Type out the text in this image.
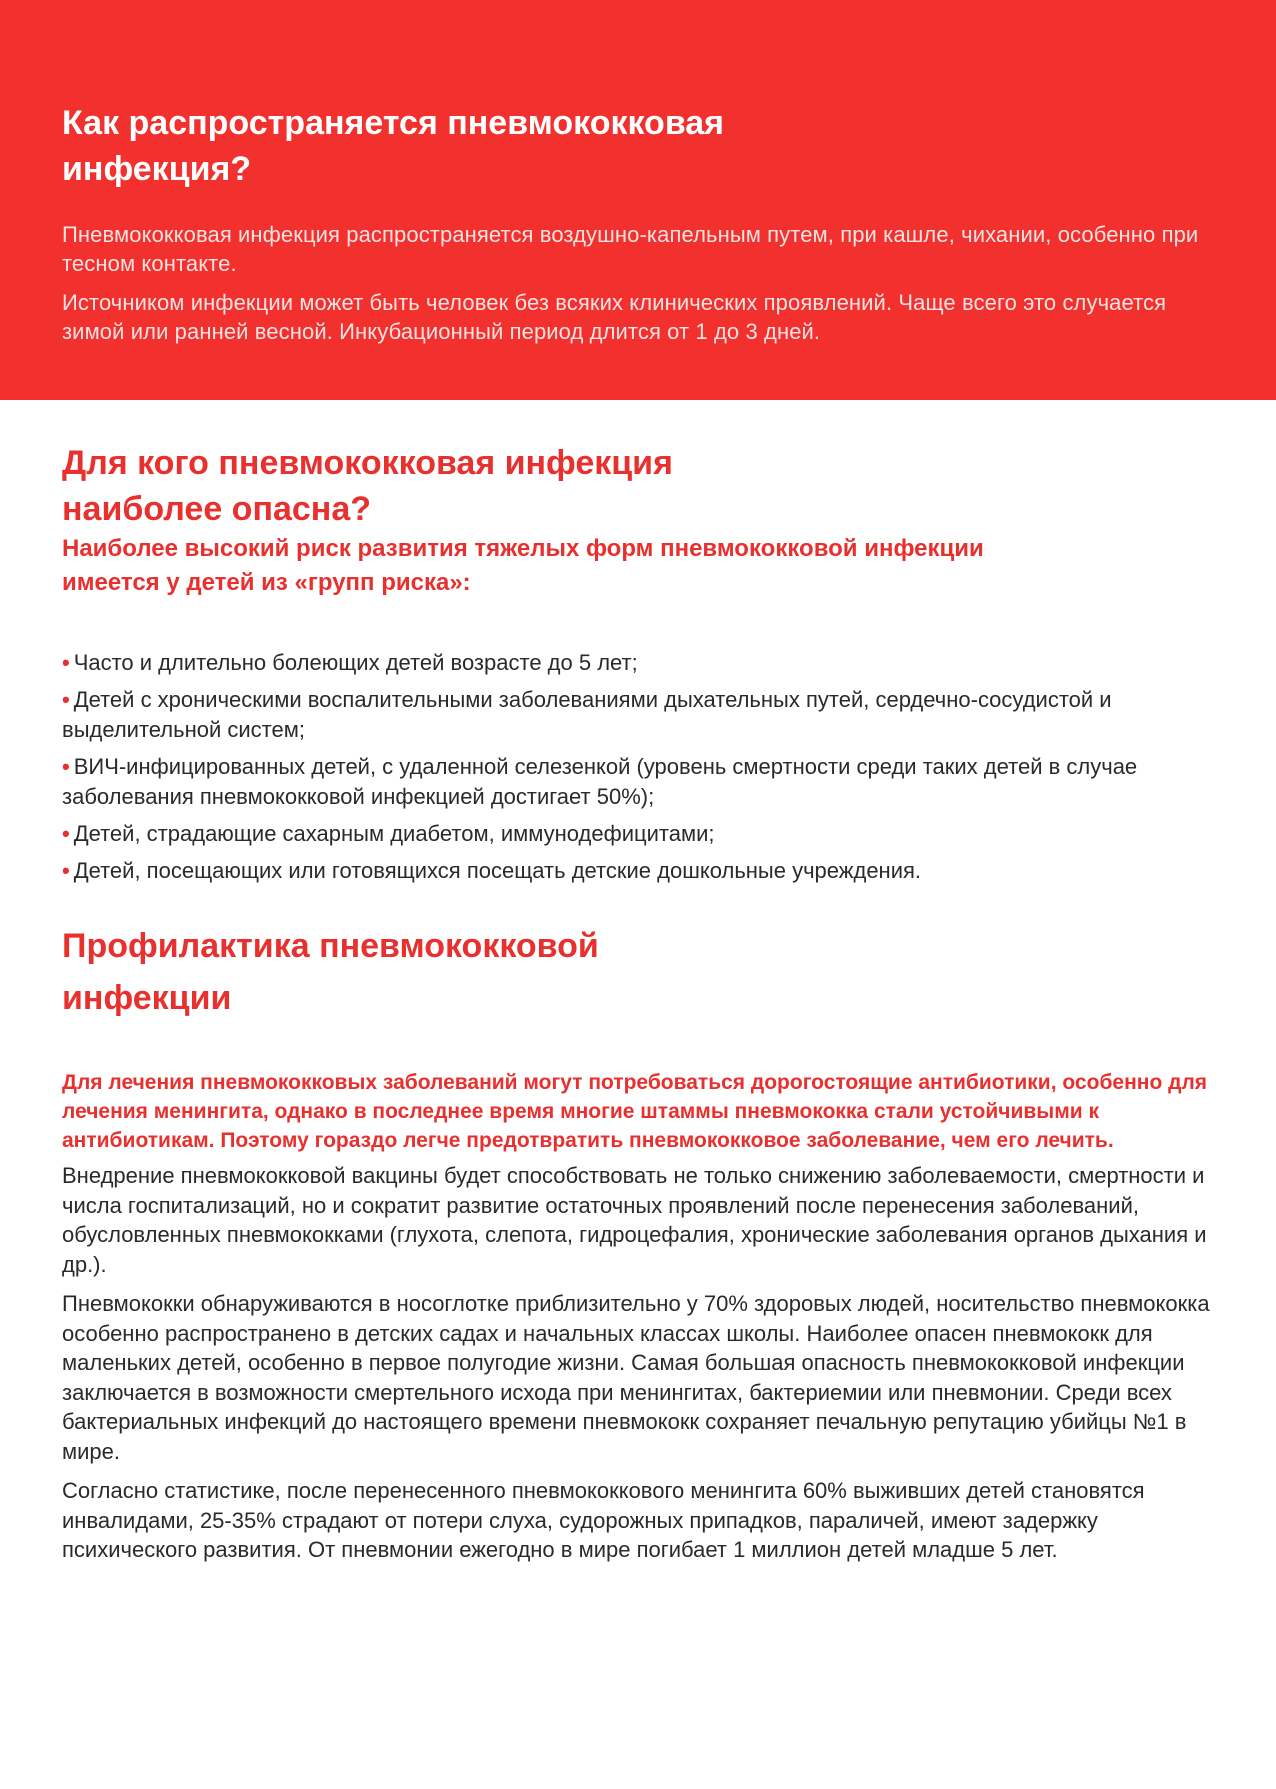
Как распространяется пневмококковая инфекция?

Пневмококковая инфекция распространяется воздушно-капельным путем, при кашле, чихании, особенно при тесном контакте.

Источником инфекции может быть человек без всяких клинических проявлений. Чаще всего это случается зимой или ранней весной. Инкубационный период длится от 1 до 3 дней.

Для кого пневмококковая инфекция наиболее опасна?

Наиболее высокий риск развития тяжелых форм пневмококковой инфекции имеется у детей из «групп риска»:

• Часто и длительно болеющих детей возрасте до 5 лет;
• Детей с хроническими воспалительными заболеваниями дыхательных путей, сердечно-сосудистой и выделительной систем;
• ВИЧ-инфицированных детей, с удаленной селезенкой (уровень смертности среди таких детей в случае заболевания пневмококковой инфекцией достигает 50%);
• Детей, страдающие сахарным диабетом, иммунодефицитами;
• Детей, посещающих или готовящихся посещать детские дошкольные учреждения.
Профилактика пневмококковой
инфекции

Для лечения пневмококковых заболеваний могут потребоваться дорогостоящие антибиотики, особенно для лечения менингита, однако в последнее время многие штаммы пневмококка стали устойчивыми к антибиотикам. Поэтому гораздо легче предотвратить пневмококковое заболевание, чем его лечить.

Внедрение пневмококковой вакцины будет способствовать не только снижению заболеваемости, смертности и числа госпитализаций, но и сократит развитие остаточных проявлений после перенесения заболеваний, обусловленных пневмококками (глухота, слепота, гидроцефалия, хронические заболевания органов дыхания и др.).

Пневмококки обнаруживаются в носоглотке приблизительно у 70% здоровых людей, носительство пневмококка особенно распространено в детских садах и начальных классах школы. Наиболее опасен пневмококк для маленьких детей, особенно в первое полугодие жизни. Самая большая опасность пневмококковой инфекции заключается в возможности смертельного исхода при менингитах, бактериемии или пневмонии. Среди всех бактериальных инфекций до настоящего времени пневмококк сохраняет печальную репутацию убийцы №1 в мире.

Согласно статистике, после перенесенного пневмококкового менингита 60% выживших детей становятся инвалидами, 25-35% страдают от потери слуха, судорожных припадков, параличей, имеют задержку психического развития. От пневмонии ежегодно в мире погибает 1 миллион детей младше 5 лет.
